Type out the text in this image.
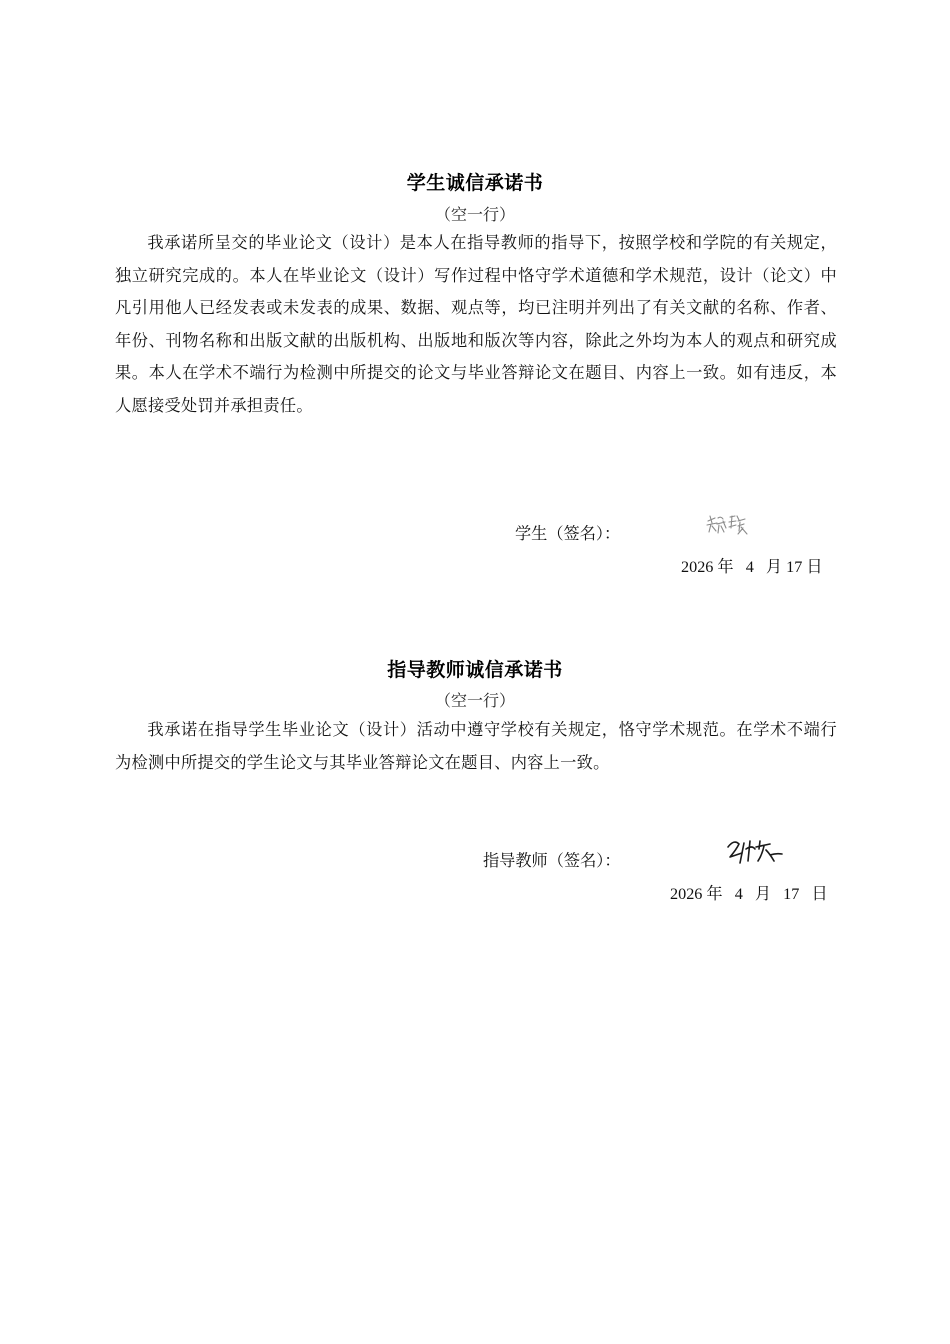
学生诚信承诺书
（空一行）

我承诺所呈交的毕业论文（设计）是本人在指导教师的指导下，按照学校和学院的有关规定，独立研究完成的。本人在毕业论文（设计）写作过程中恪守学术道德和学术规范，设计（论文）中凡引用他人已经发表或未发表的成果、数据、观点等，均已注明并列出了有关文献的名称、作者、年份、刊物名称和出版文献的出版机构、出版地和版次等内容，除此之外均为本人的观点和研究成果。本人在学术不端行为检测中所提交的论文与毕业答辩论文在题目、内容上一致。如有违反，本人愿接受处罚并承担责任。

学生（签名）：
2026 年 4 月 17 日
指导教师诚信承诺书
（空一行）

我承诺在指导学生毕业论文（设计）活动中遵守学校有关规定，恪守学术规范。在学术不端行为检测中所提交的学生论文与其毕业答辩论文在题目、内容上一致。

指导教师（签名）：
2026 年 4 月 17 日
